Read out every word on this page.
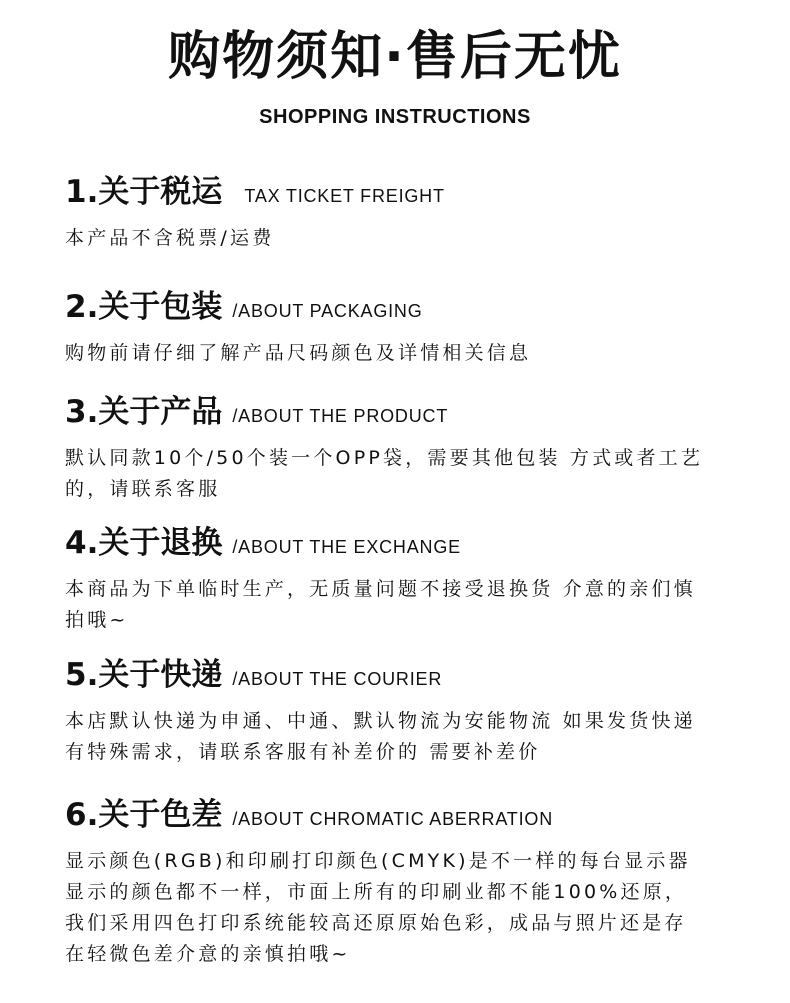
购物须知·售后无忧
SHOPPING INSTRUCTIONS
1.关于税运 TAX TICKET FREIGHT
本产品不含税票/运费
2.关于包装 /ABOUT PACKAGING
购物前请仔细了解产品尺码颜色及详情相关信息
3.关于产品 /ABOUT THE PRODUCT
默认同款10个/50个装一个OPP袋，需要其他包装 方式或者工艺
的，请联系客服
4.关于退换 /ABOUT THE EXCHANGE
本商品为下单临时生产，无质量问题不接受退换货 介意的亲们慎
拍哦~
5.关于快递 /ABOUT THE COURIER
本店默认快递为申通、中通、默认物流为安能物流 如果发货快递
有特殊需求，请联系客服有补差价的 需要补差价
6.关于色差 /ABOUT CHROMATIC ABERRATION
显示颜色(RGB)和印刷打印颜色(CMYK)是不一样的每台显示器
显示的颜色都不一样，市面上所有的印刷业都不能100%还原，
我们采用四色打印系统能较高还原原始色彩，成品与照片还是存
在轻微色差介意的亲慎拍哦~
